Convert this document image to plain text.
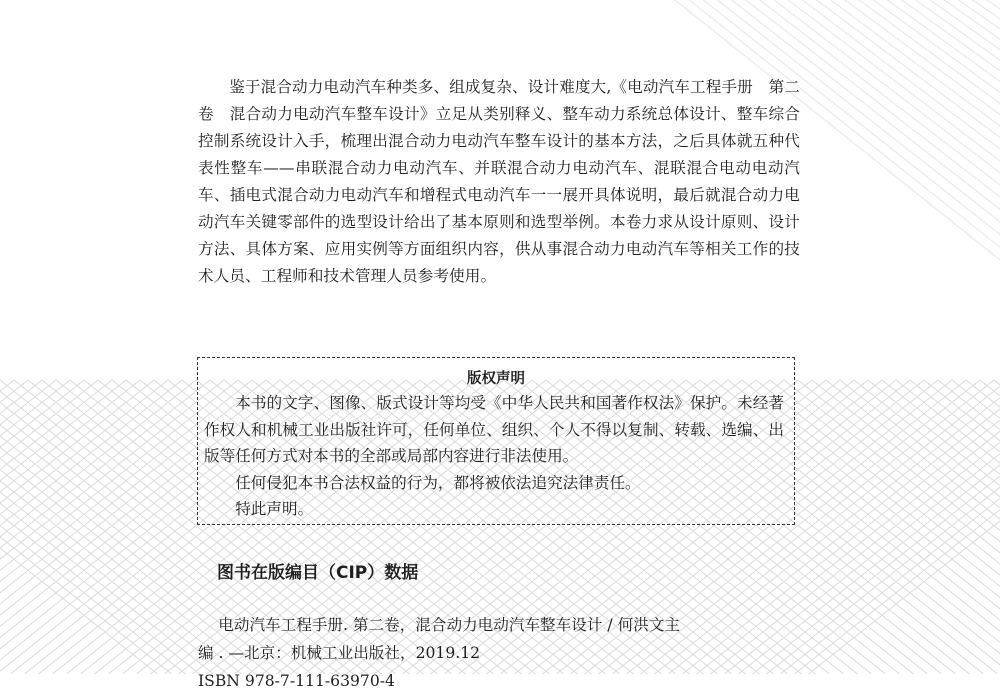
鉴于混合动力电动汽车种类多、组成复杂、设计难度大,《电动汽车工程手册　第二卷　混合动力电动汽车整车设计》立足从类别释义、整车动力系统总体设计、整车综合控制系统设计入手，梳理出混合动力电动汽车整车设计的基本方法，之后具体就五种代表性整车——串联混合动力电动汽车、并联混合动力电动汽车、混联混合电动电动汽车、插电式混合动力电动汽车和增程式电动汽车一一展开具体说明，最后就混合动力电动汽车关键零部件的选型设计给出了基本原则和选型举例。本卷力求从设计原则、设计方法、具体方案、应用实例等方面组织内容，供从事混合动力电动汽车等相关工作的技术人员、工程师和技术管理人员参考使用。

版权声明

本书的文字、图像、版式设计等均受《中华人民共和国著作权法》保护。未经著作权人和机械工业出版社许可，任何单位、组织、个人不得以复制、转载、选编、出版等任何方式对本书的全部或局部内容进行非法使用。

任何侵犯本书合法权益的行为，都将被依法追究法律责任。

特此声明。

图书在版编目（CIP）数据
电动汽车工程手册. 第二卷，混合动力电动汽车整车设计 / 何洪文主
编 . —北京：机械工业出版社，2019.12
ISBN 978-7-111-63970-4
